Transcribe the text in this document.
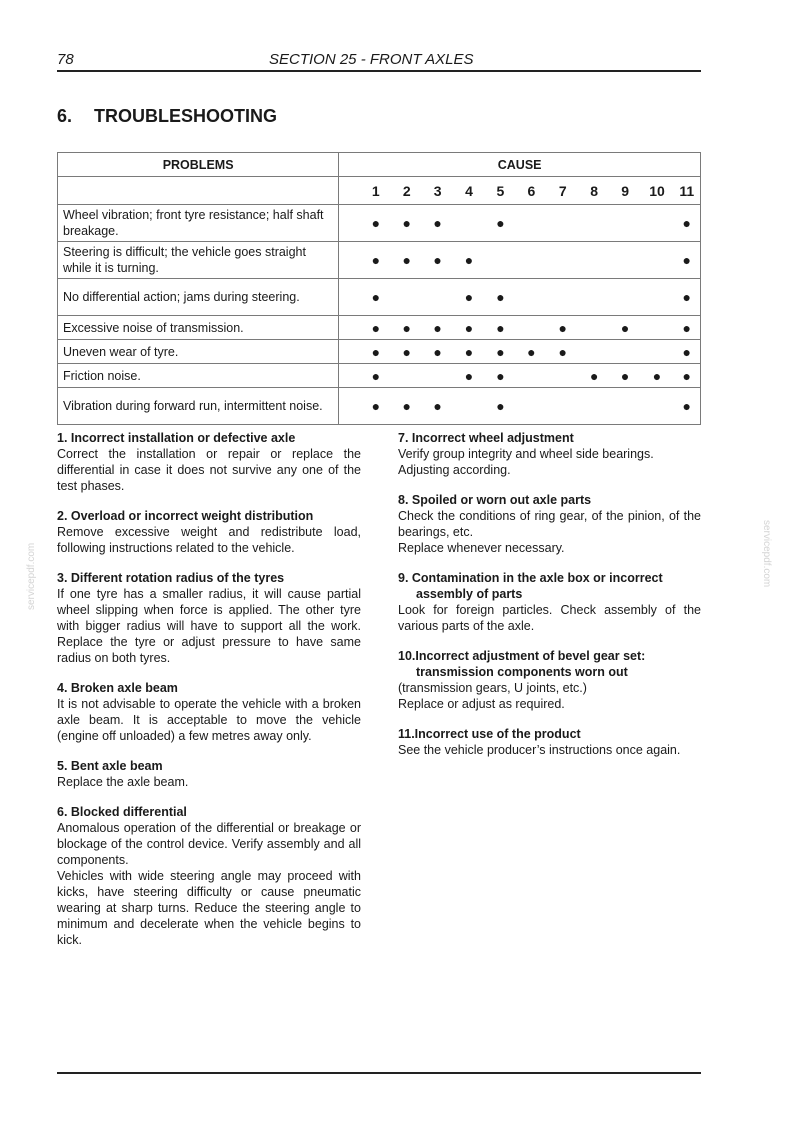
78	SECTION 25 - FRONT AXLES
6. TROUBLESHOOTING
PROBLEMS	CAUSE											
		1	2	3	4	5	6	7	8	9	10	11
Wheel vibration; front tyre resistance; half shaft breakage.		●	●	●		●						●
Steering is difficult; the vehicle goes straight while it is turning.		●	●	●	●							●
No differential action; jams during steering.		●			●	●						●
Excessive noise of transmission.		●	●	●	●	●		●		●		●
Uneven wear of tyre.		●	●	●	●	●	●	●				●
Friction noise.		●			●	●			●	●	●	●
Vibration during forward run, intermittent noise.		●	●	●		●						●
1. Incorrect installation or defective axle

Correct the installation or repair or replace the differential in case it does not survive any one of the test phases.

2. Overload or incorrect weight distribution

Remove excessive weight and redistribute load, following instructions related to the vehicle.

3. Different rotation radius of the tyres

If one tyre has a smaller radius, it will cause partial wheel slipping when force is applied. The other tyre with bigger radius will have to support all the work. Replace the tyre or adjust pressure to have same radius on both tyres.

4. Broken axle beam

It is not advisable to operate the vehicle with a broken axle beam. It is acceptable to move the vehicle (engine off unloaded) a few metres away only.

5. Bent axle beam

Replace the axle beam.

6. Blocked differential

Anomalous operation of the differential or breakage or blockage of the control device. Verify assembly and all components.

Vehicles with wide steering angle may proceed with kicks, have steering difficulty or cause pneumatic wearing at sharp turns. Reduce the steering angle to minimum and decelerate when the vehicle begins to kick.

7. Incorrect wheel adjustment

Verify group integrity and wheel side bearings.

Adjusting according.

8. Spoiled or worn out axle parts

Check the conditions of ring gear, of the pinion, of the bearings, etc.

Replace whenever necessary.

9. Contamination in the axle box or incorrect assembly of parts

Look for foreign particles. Check assembly of the various parts of the axle.

10.Incorrect adjustment of bevel gear set: transmission components worn out

(transmission gears, U joints, etc.)

Replace or adjust as required.

11.Incorrect use of the product

See the vehicle producer’s instructions once again.

servicepdf.com	servicepdf.com
